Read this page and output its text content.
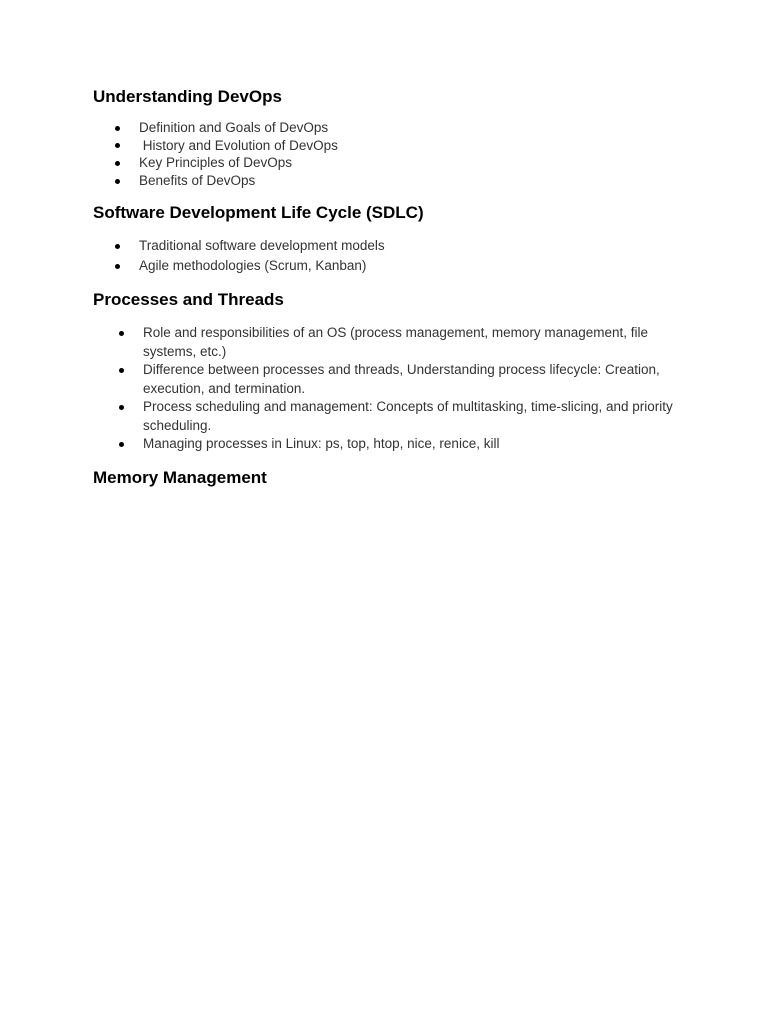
Understanding DevOps
Definition and Goals of DevOps
History and Evolution of DevOps
Key Principles of DevOps
Benefits of DevOps
Software Development Life Cycle (SDLC)
Traditional software development models
Agile methodologies (Scrum, Kanban)
Processes and Threads
Role and responsibilities of an OS (process management, memory management, file systems, etc.)
Difference between processes and threads, Understanding process lifecycle: Creation, execution, and termination.
Process scheduling and management: Concepts of multitasking, time-slicing, and priority scheduling.
Managing processes in Linux: ps, top, htop, nice, renice, kill
Memory Management
